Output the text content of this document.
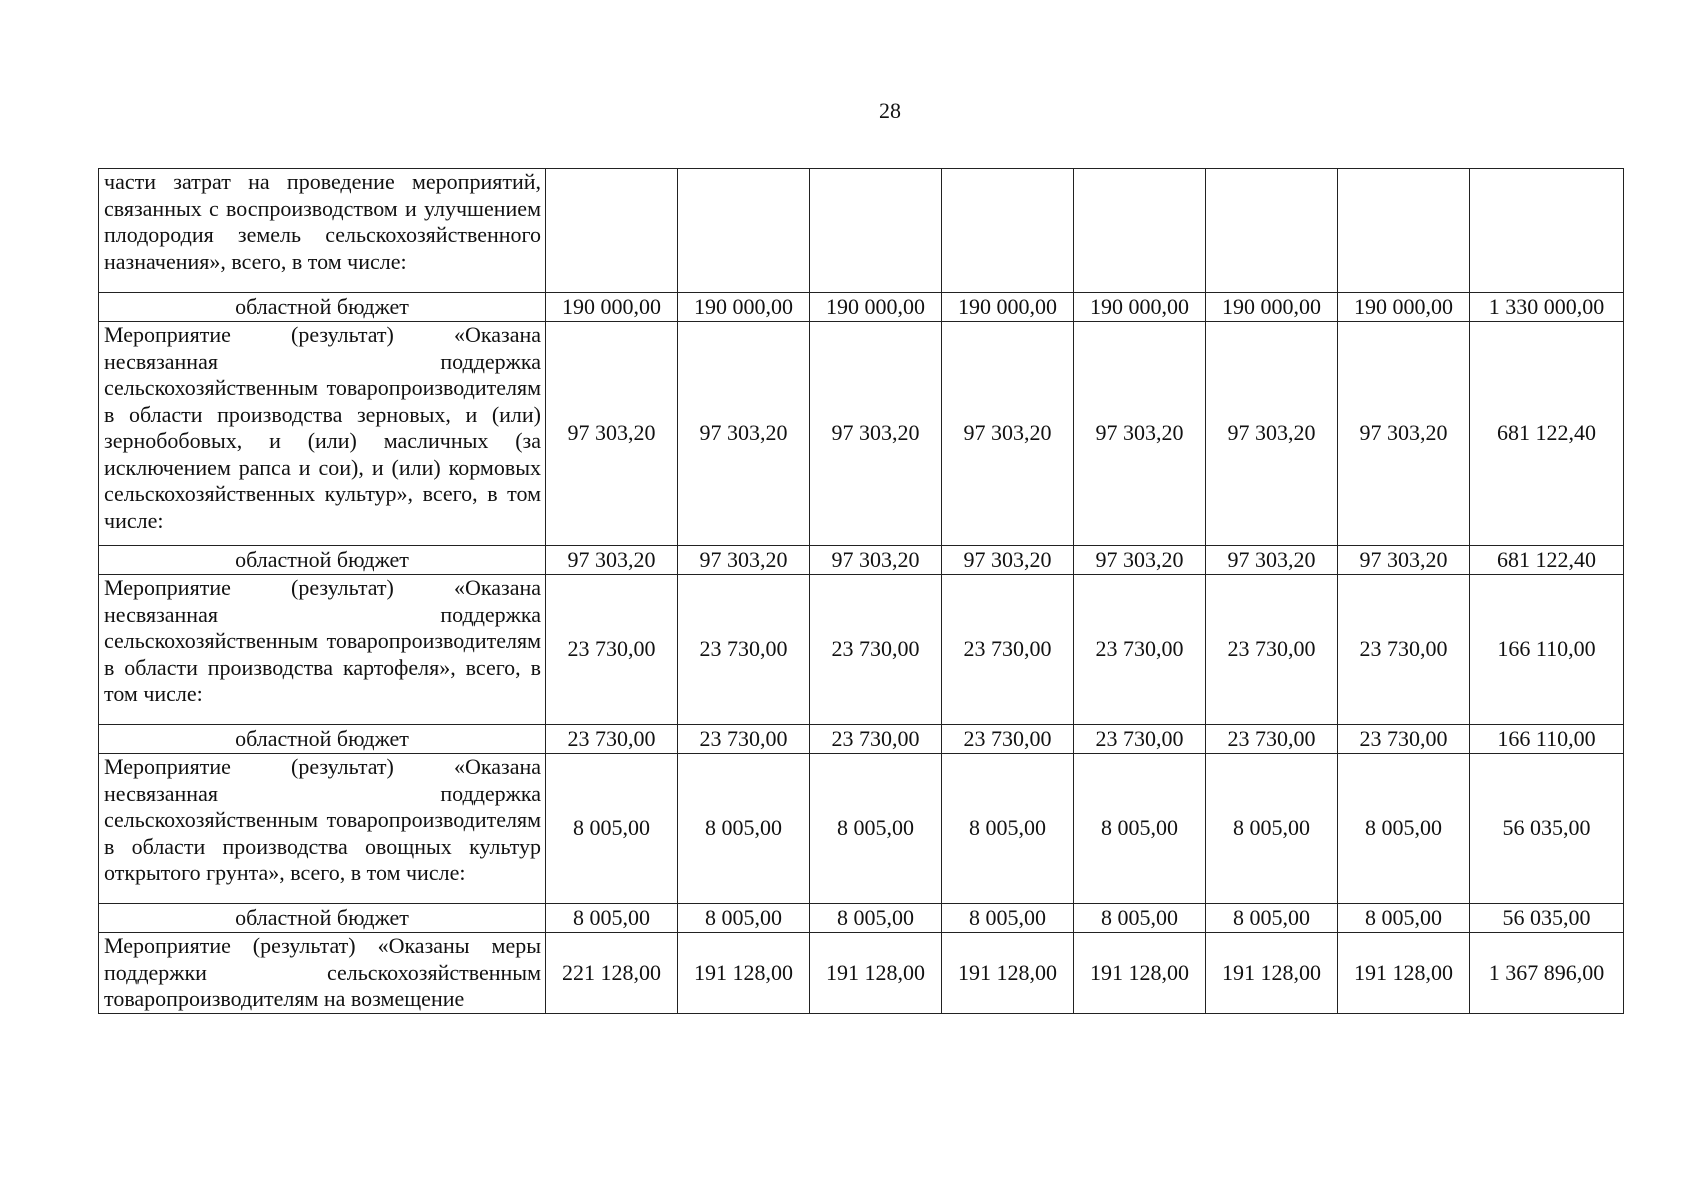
28
части затрат на проведение мероприятий, связанных с воспроизводством и улучшением плодородия земель сельскохозяйственного назначения», всего, в том числе:								
областной бюджет	190 000,00	190 000,00	190 000,00	190 000,00	190 000,00	190 000,00	190 000,00	1 330 000,00
Мероприятие (результат) «Оказана несвязанная поддержка сельскохозяйственным товаропроизводителям в области производства зерновых, и (или) зернобобовых, и (или) масличных (за исключением рапса и сои), и (или) кормовых сельскохозяйственных культур», всего, в том числе:	97 303,20	97 303,20	97 303,20	97 303,20	97 303,20	97 303,20	97 303,20	681 122,40
областной бюджет	97 303,20	97 303,20	97 303,20	97 303,20	97 303,20	97 303,20	97 303,20	681 122,40
Мероприятие (результат) «Оказана несвязанная поддержка сельскохозяйственным товаропроизводителям в области производства картофеля», всего, в том числе:	23 730,00	23 730,00	23 730,00	23 730,00	23 730,00	23 730,00	23 730,00	166 110,00
областной бюджет	23 730,00	23 730,00	23 730,00	23 730,00	23 730,00	23 730,00	23 730,00	166 110,00
Мероприятие (результат) «Оказана несвязанная поддержка сельскохозяйственным товаропроизводителям в области производства овощных культур открытого грунта», всего, в том числе:	8 005,00	8 005,00	8 005,00	8 005,00	8 005,00	8 005,00	8 005,00	56 035,00
областной бюджет	8 005,00	8 005,00	8 005,00	8 005,00	8 005,00	8 005,00	8 005,00	56 035,00
Мероприятие (результат) «Оказаны меры поддержки сельскохозяйственным товаропроизводителям на возмещение	221 128,00	191 128,00	191 128,00	191 128,00	191 128,00	191 128,00	191 128,00	1 367 896,00
